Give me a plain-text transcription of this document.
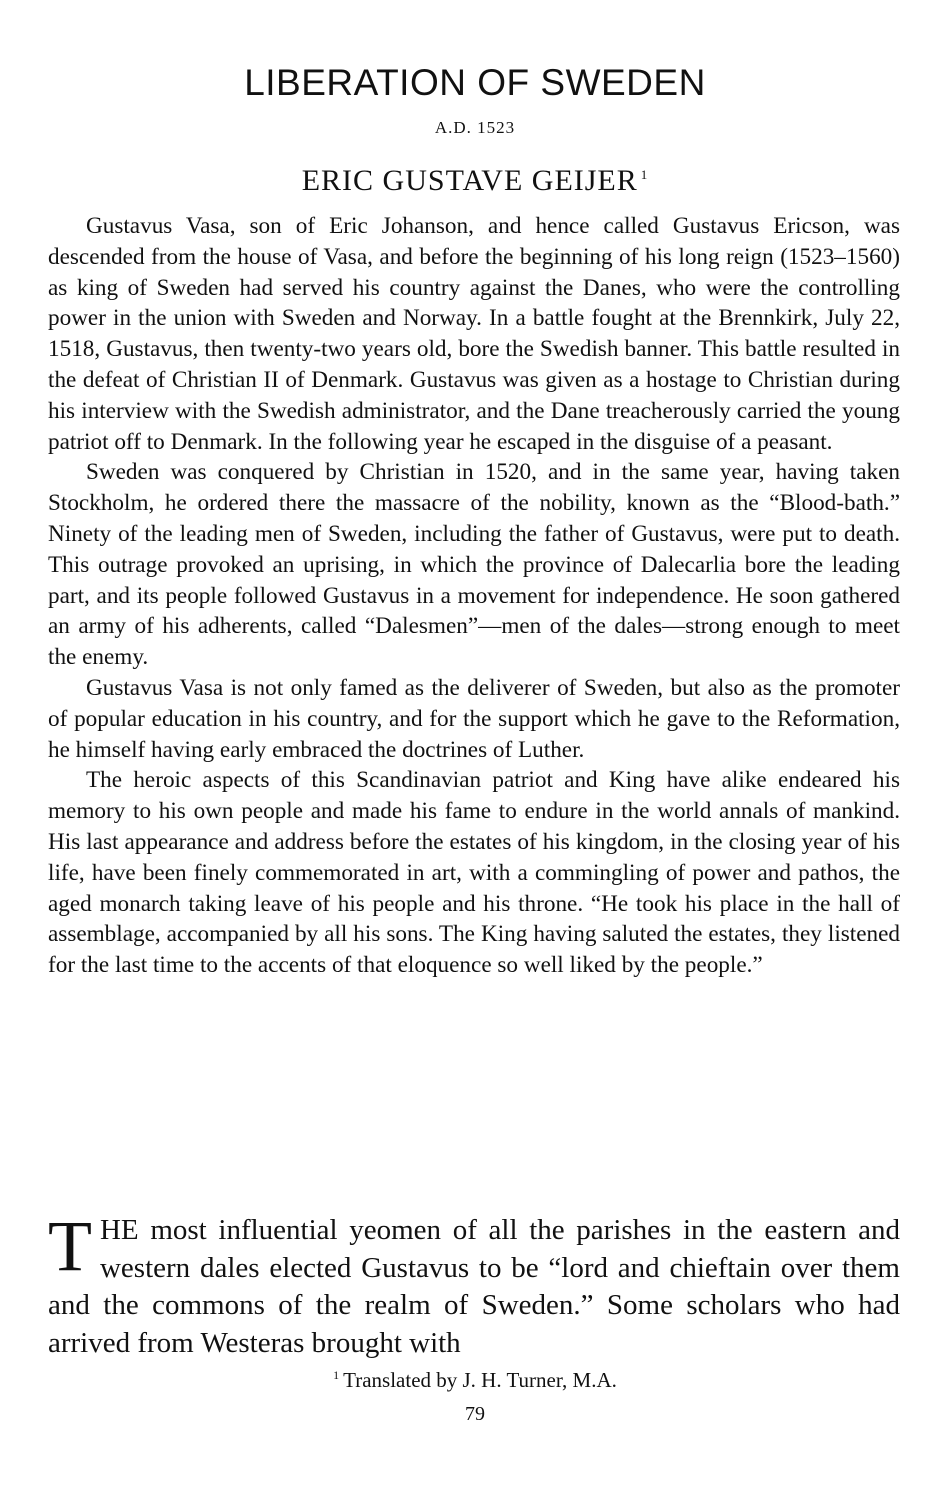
LIBERATION OF SWEDEN
A.D. 1523
ERIC GUSTAVE GEIJER $^1$

Gustavus Vasa, son of Eric Johanson, and hence called Gustavus Ericson, was descended from the house of Vasa, and before the beginning of his long reign (1523–1560) as king of Sweden had served his country against the Danes, who were the controlling power in the union with Sweden and Norway. In a battle fought at the Brennkirk, July 22, 1518, Gustavus, then twenty-two years old, bore the Swedish banner. This battle resulted in the defeat of Christian II of Denmark. Gustavus was given as a hostage to Christian during his interview with the Swedish administrator, and the Dane treacherously carried the young patriot off to Denmark. In the following year he escaped in the disguise of a peasant.

Sweden was conquered by Christian in 1520, and in the same year, having taken Stockholm, he ordered there the massacre of the nobility, known as the “Blood-bath.” Ninety of the leading men of Sweden, including the father of Gustavus, were put to death. This outrage provoked an uprising, in which the province of Dalecarlia bore the leading part, and its people followed Gustavus in a movement for independence. He soon gathered an army of his adherents, called “Dalesmen”—men of the dales—strong enough to meet the enemy.

Gustavus Vasa is not only famed as the deliverer of Sweden, but also as the promoter of popular education in his country, and for the support which he gave to the Reformation, he himself having early embraced the doctrines of Luther.

The heroic aspects of this Scandinavian patriot and King have alike endeared his memory to his own people and made his fame to endure in the world annals of mankind. His last appearance and address before the estates of his kingdom, in the closing year of his life, have been finely commemorated in art, with a commingling of power and pathos, the aged monarch taking leave of his people and his throne. “He took his place in the hall of assemblage, accompanied by all his sons. The King having saluted the estates, they listened for the last time to the accents of that eloquence so well liked by the people.”

THE most influential yeomen of all the parishes in the eastern and western dales elected Gustavus to be “lord and chieftain over them and the commons of the realm of Sweden.” Some scholars who had arrived from Westeras brought with

$^1$ Translated by J. H. Turner, M.A.
79
